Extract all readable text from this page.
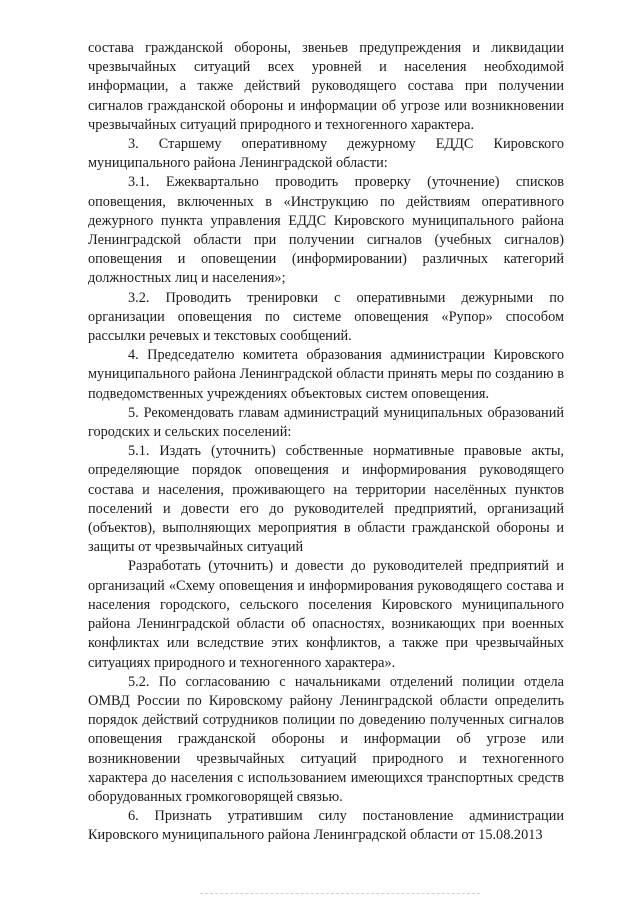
состава гражданской обороны, звеньев предупреждения и ликвидации чрезвычайных ситуаций всех уровней и населения необходимой информации, а также действий руководящего состава при получении сигналов гражданской обороны и информации об угрозе или возникновении чрезвычайных ситуаций природного и техногенного характера.

3. Старшему оперативному дежурному ЕДДС Кировского муниципального района Ленинградской области:

3.1. Ежеквартально проводить проверку (уточнение) списков оповещения, включенных в «Инструкцию по действиям оперативного дежурного пункта управления ЕДДС Кировского муниципального района Ленинградской области при получении сигналов (учебных сигналов) оповещения и оповещении (информировании) различных категорий должностных лиц и населения»;

3.2. Проводить тренировки с оперативными дежурными по организации оповещения по системе оповещения «Рупор» способом рассылки речевых и текстовых сообщений.

4. Председателю комитета образования администрации Кировского муниципального района Ленинградской области принять меры по созданию в подведомственных учреждениях объектовых систем оповещения.

5. Рекомендовать главам администраций муниципальных образований городских и сельских поселений:

5.1. Издать (уточнить) собственные нормативные правовые акты, определяющие порядок оповещения и информирования руководящего состава и населения, проживающего на территории населённых пунктов поселений и довести его до руководителей предприятий, организаций (объектов), выполняющих мероприятия в области гражданской обороны и защиты от чрезвычайных ситуаций

Разработать (уточнить) и довести до руководителей предприятий и организаций «Схему оповещения и информирования руководящего состава и населения городского, сельского поселения Кировского муниципального района Ленинградской области об опасностях, возникающих при военных конфликтах или вследствие этих конфликтов, а также при чрезвычайных ситуациях природного и техногенного характера».

5.2. По согласованию с начальниками отделений полиции отдела ОМВД России по Кировскому району Ленинградской области определить порядок действий сотрудников полиции по доведению полученных сигналов оповещения гражданской обороны и информации об угрозе или возникновении чрезвычайных ситуаций природного и техногенного характера до населения с использованием имеющихся транспортных средств оборудованных громкоговорящей связью.

6. Признать утратившим силу постановление администрации Кировского муниципального района Ленинградской области от 15.08.2013
